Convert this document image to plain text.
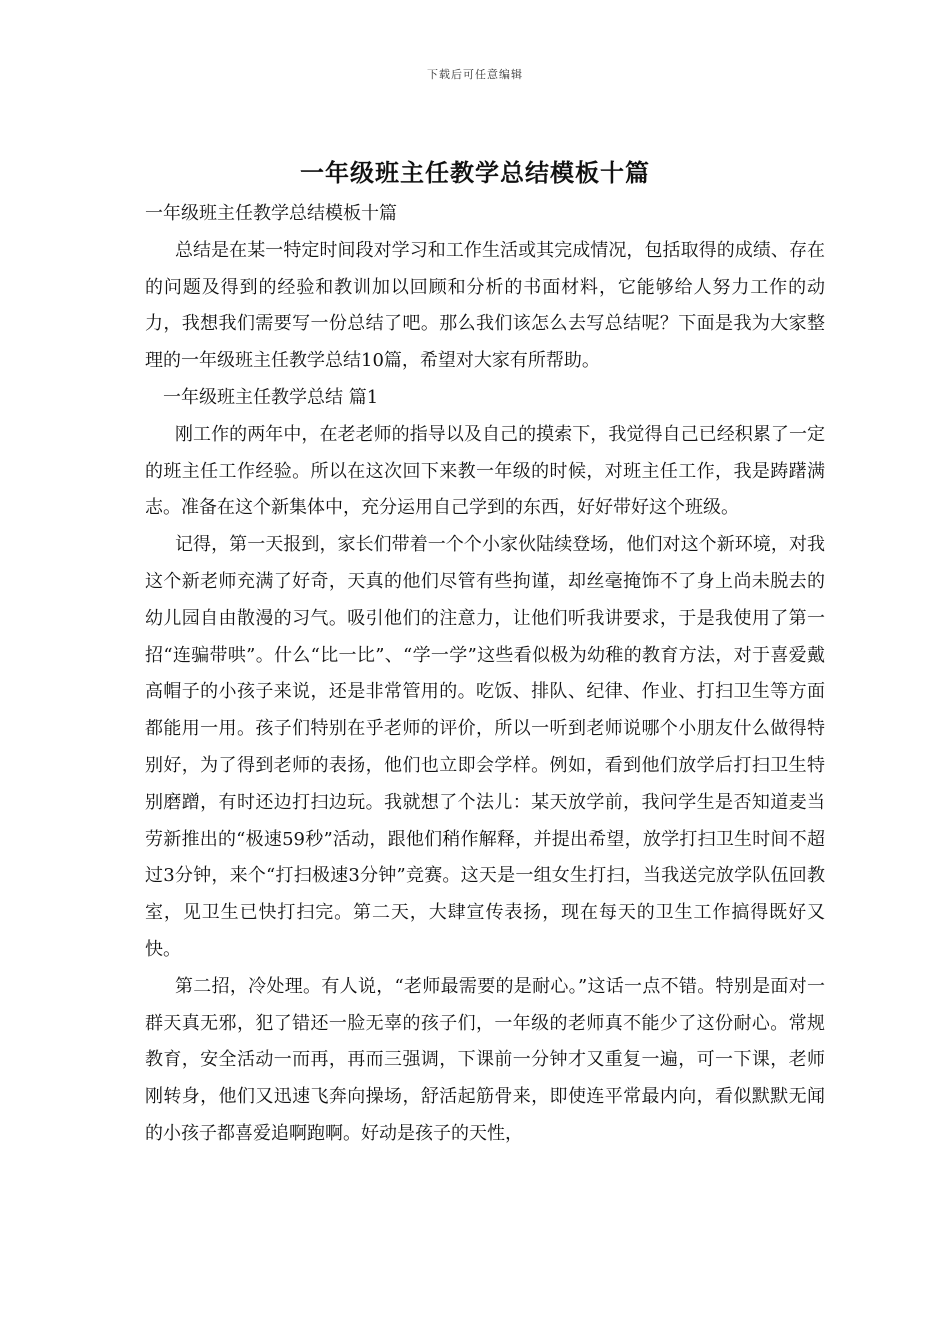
下载后可任意编辑
一年级班主任教学总结模板十篇

一年级班主任教学总结模板十篇

总结是在某一特定时间段对学习和工作生活或其完成情况，包括取得的成绩、存在的问题及得到的经验和教训加以回顾和分析的书面材料，它能够给人努力工作的动力，我想我们需要写一份总结了吧。那么我们该怎么去写总结呢？下面是我为大家整理的一年级班主任教学总结10篇，希望对大家有所帮助。

一年级班主任教学总结 篇1

刚工作的两年中，在老老师的指导以及自己的摸索下，我觉得自己已经积累了一定的班主任工作经验。所以在这次回下来教一年级的时候，对班主任工作，我是踌躇满志。准备在这个新集体中，充分运用自己学到的东西，好好带好这个班级。

记得，第一天报到，家长们带着一个个小家伙陆续登场，他们对这个新环境，对我这个新老师充满了好奇，天真的他们尽管有些拘谨，却丝毫掩饰不了身上尚未脱去的幼儿园自由散漫的习气。吸引他们的注意力，让他们听我讲要求，于是我使用了第一招“连骗带哄”。什么“比一比”、“学一学”这些看似极为幼稚的教育方法，对于喜爱戴高帽子的小孩子来说，还是非常管用的。吃饭、排队、纪律、作业、打扫卫生等方面都能用一用。孩子们特别在乎老师的评价，所以一听到老师说哪个小朋友什么做得特别好，为了得到老师的表扬，他们也立即会学样。例如，看到他们放学后打扫卫生特别磨蹭，有时还边打扫边玩。我就想了个法儿：某天放学前，我问学生是否知道麦当劳新推出的“极速59秒”活动，跟他们稍作解释，并提出希望，放学打扫卫生时间不超过3分钟，来个“打扫极速3分钟”竞赛。这天是一组女生打扫，当我送完放学队伍回教室，见卫生已快打扫完。第二天，大肆宣传表扬，现在每天的卫生工作搞得既好又快。

第二招，冷处理。有人说，“老师最需要的是耐心。”这话一点不错。特别是面对一群天真无邪，犯了错还一脸无辜的孩子们，一年级的老师真不能少了这份耐心。常规教育，安全活动一而再，再而三强调，下课前一分钟才又重复一遍，可一下课，老师刚转身，他们又迅速飞奔向操场，舒活起筋骨来，即使连平常最内向，看似默默无闻的小孩子都喜爱追啊跑啊。好动是孩子的天性，
